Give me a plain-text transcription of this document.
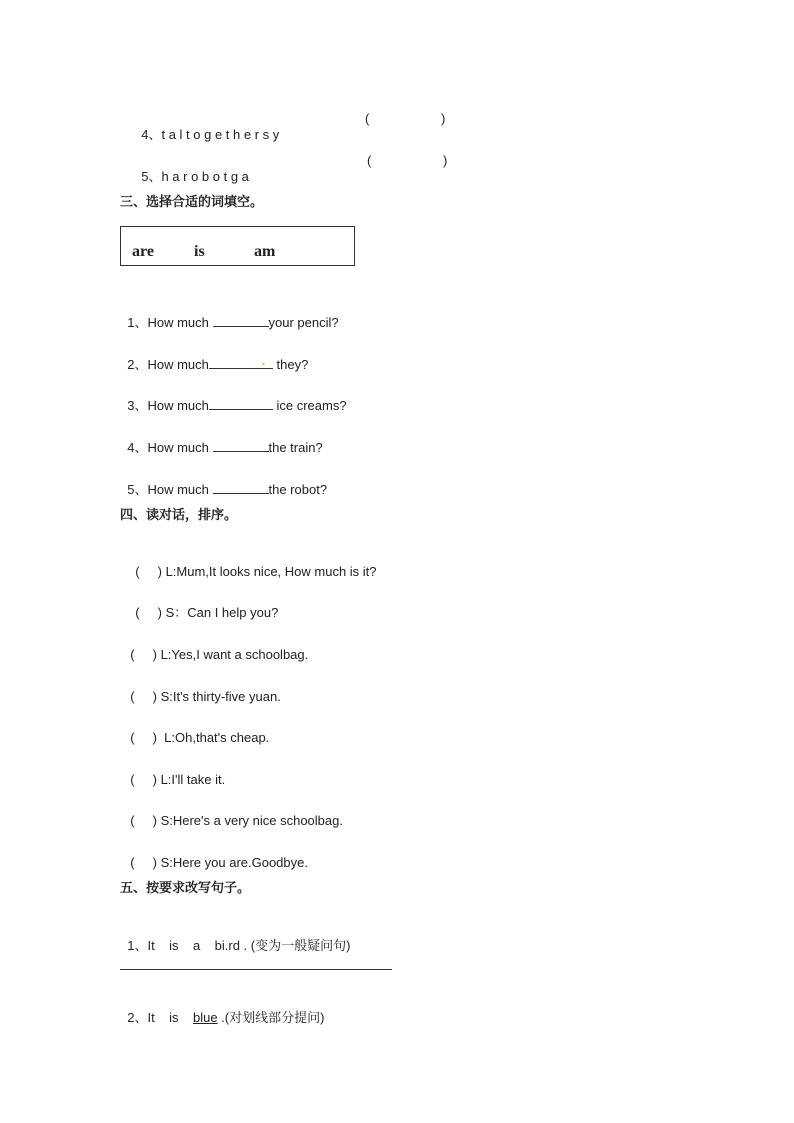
4、t a l t o g e t h e r s y

(	)

5、h a r o b o t g a

(	)
三、选择合适的词填空。
are	is	am

1、How much	your pencil?

2、How much	. they?

3、How much	ice creams?

4、How much	the train?

5、How much	the robot?

四、读对话，排序。

(     ) L:Mum,It looks nice, How much is it?

(     ) S：Can I help you?

(     ) L:Yes,I want a schoolbag.

(     ) S:It's thirty-five yuan.

(     )  L:Oh,that's cheap.

(     ) L:I'll take it.

(     ) S:Here's a very nice schoolbag.

(     ) S:Here you are.Goodbye.

五、按要求改写句子。

1、It    is    a    bi.rd . (变为一般疑问句)

2、It    is    blue .(对划线部分提问)
